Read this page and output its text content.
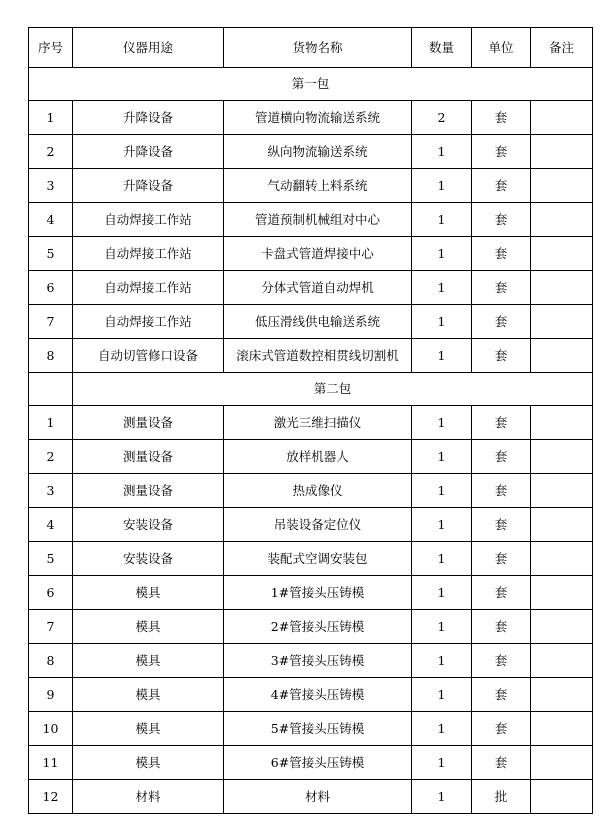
序号	仪器用途	货物名称	数量	单位	备注
第一包					
1	升降设备	管道横向物流输送系统	2	套	
2	升降设备	纵向物流输送系统	1	套	
3	升降设备	气动翻转上料系统	1	套	
4	自动焊接工作站	管道预制机械组对中心	1	套	
5	自动焊接工作站	卡盘式管道焊接中心	1	套	
6	自动焊接工作站	分体式管道自动焊机	1	套	
7	自动焊接工作站	低压滑线供电输送系统	1	套	
8	自动切管修口设备	滚床式管道数控相贯线切割机	1	套	
	第二包				
1	测量设备	激光三维扫描仪	1	套	
2	测量设备	放样机器人	1	套	
3	测量设备	热成像仪	1	套	
4	安装设备	吊装设备定位仪	1	套	
5	安装设备	装配式空调安装包	1	套	
6	模具	1#管接头压铸模	1	套	
7	模具	2#管接头压铸模	1	套	
8	模具	3#管接头压铸模	1	套	
9	模具	4#管接头压铸模	1	套	
10	模具	5#管接头压铸模	1	套	
11	模具	6#管接头压铸模	1	套	
12	材料	材料	1	批	
